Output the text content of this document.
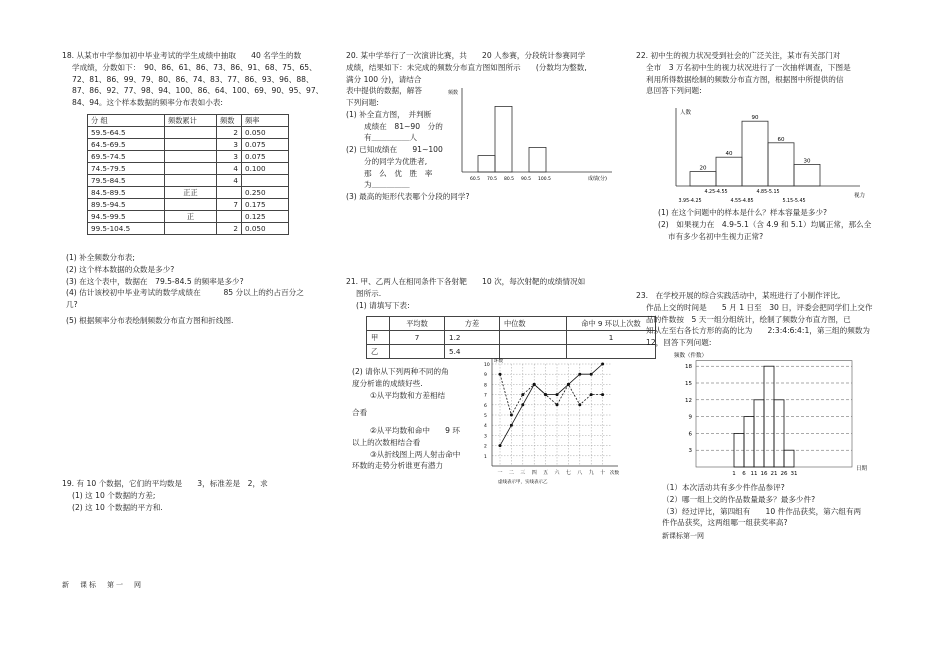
18. 从某市中学参加初中毕业考试的学生成绩中抽取　　40 名学生的数

学成绩，分数如下：　90、86、61、86、73、86、91、68、75、65、

72、81、86、99、79、80、86、74、83、77、86、93、96、88、

87、86、92、77、98、94、100、86、64、100、69、90、95、97、

84、94。这个样本数据的频率分布表如小表:

分 组	频数累计	频数	频率
59.5-64.5		2	0.050
64.5-69.5		3	0.075
69.5-74.5		3	0.075
74.5-79.5		4	0.100
79.5-84.5		4	
84.5-89.5	正正		0.250
89.5-94.5		7	0.175
94.5-99.5	正		0.125
99.5-104.5		2	0.050

(1) 补全频数分布表;

(2) 这个样本数据的众数是多少?

(3) 在这个表中，数据在　79.5-84.5 的频率是多少?

(4) 估计该校初中毕业考试的数学成绩在　　　85 分以上的约占百分之

几?

(5) 根据频率分布表绘制频数分布直方图和折线图.

19. 有 10 个数据，它们的平均数是　　3，标准差是　2，求

(1) 这 10 个数据的方差;

(2) 这 10 个数据的平方和.

新　课标　第一　网

20. 某中学举行了一次演讲比赛，共　　20 人参赛，分段统计参赛同学

成绩，结果如下：未完成的频数分布直方图如图所示　　(分数均为整数,

满分 100 分)，请结合

表中提供的数据，解答

下列问题:

(1) 补全直方图，　并判断

成绩在　81~90　分的

有＿＿＿＿＿人

(2) 已知成绩在　　91~100

分的同学为优胜者,

那　么　优　胜　率

为＿＿＿＿＿

(3) 最高的矩形代表哪个分段的同学?

频数
成绩(分)
60.5 70.5 80.5 90.5 100.5

21. 甲、乙两人在相同条件下各射靶　　10 次，每次射靶的成绩情况如

图所示.

(1) 请填写下表:

	平均数	方差	中位数	命中 9 环以上次数
甲	7	1.2		1
乙		5.4		

(2) 请你从下列两种不同的角

度分析谁的成绩好些.

①从平均数和方差相结

合看

②从平均数和命中　　9 环

以上的次数相结合看

③从折线图上两人射击命中

环数的走势分析谁更有潜力

一 二 三 四 五 六 七 八 九 十
1
2
3
4
5
6
7
8
9
10
环数
次数
虚线表示甲，实线表示乙

22. 初中生的视力状况受到社会的广泛关注，某市有关部门对

全市　3 万名初中生的视力状况进行了一次抽样调查，下图是

利用所得数据绘制的频数分布直方图，根据图中所提供的信

息回答下列问题:

人数
视力
20
40
90
60
30
3.95-4.25
4.25-4.55
4.55-4.85
4.85-5.15
5.15-5.45

(1) 在这个问题中的样本是什么？样本容量是多少?

(2)　如果视力在　4.9-5.1（含 4.9 和 5.1）均属正常，那么全

市有多少名初中生视力正常?

23.　在学校开展的综合实践活动中，某班进行了小制作评比,

作品上交的时间是　　5 月 1 日至　30 日，评委会把同学们上交作

品的件数按　5 天一组分组统计，绘制了频数分布直方图，已

知从左至右各长方形的高的比为　　2:3:4:6:4:1，第三组的频数为

12，回答下列问题:

3
6
9
12
15
18
频数（件数）
日期
1 6 11 16 21 26 31

（1）本次活动共有多少件作品参评?

（2）哪一组上交的作品数量最多？最多少件?

（3）经过评比，第四组有　　10 件作品获奖，第六组有两

件作品获奖，这两组哪一组获奖率高?

新课标第一网
